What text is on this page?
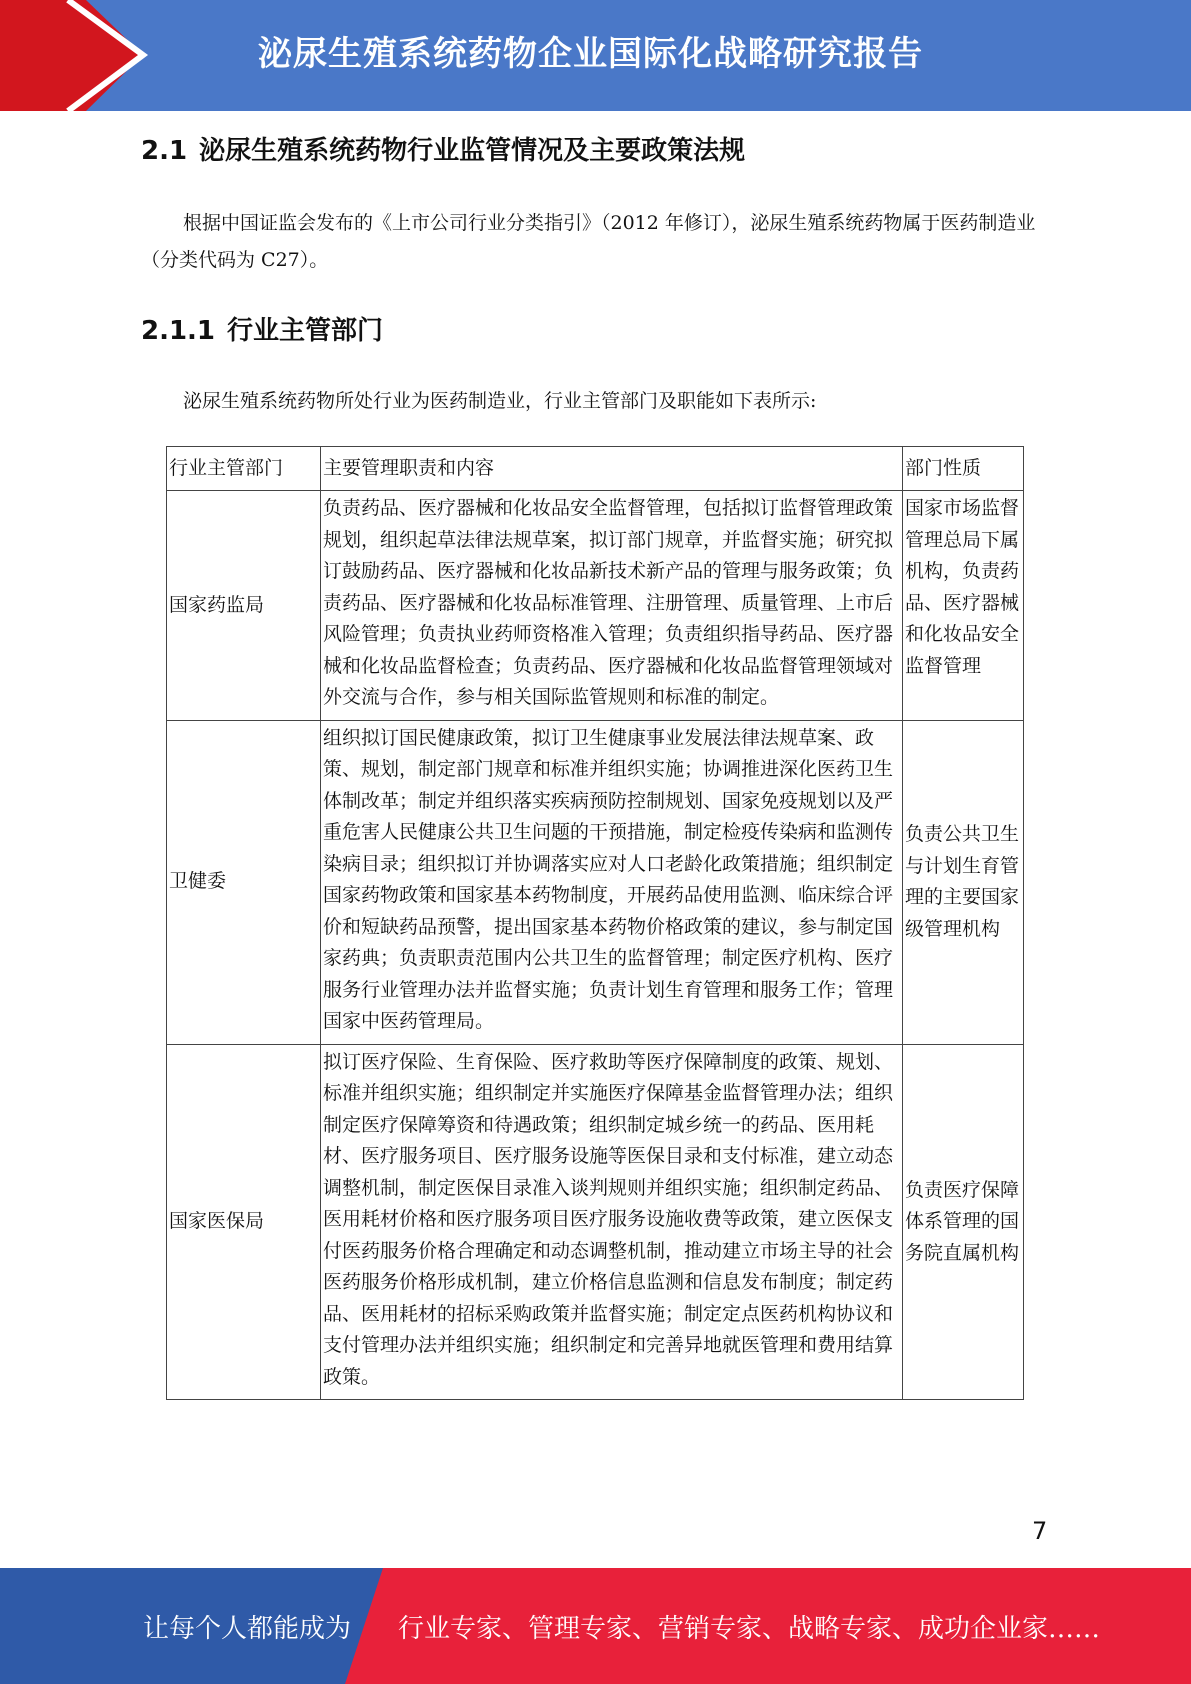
泌尿生殖系统药物企业国际化战略研究报告
2.1 泌尿生殖系统药物行业监管情况及主要政策法规
根据中国证监会发布的《上市公司行业分类指引》（2012 年修订），泌尿生殖系统药物属于医药制造业（分类代码为 C27）。
2.1.1 行业主管部门
泌尿生殖系统药物所处行业为医药制造业，行业主管部门及职能如下表所示:
行业主管部门	主要管理职责和内容	部门性质
国家药监局	负责药品、医疗器械和化妆品安全监督管理，包括拟订监督管理政策规划，组织起草法律法规草案，拟订部门规章，并监督实施；研究拟订鼓励药品、医疗器械和化妆品新技术新产品的管理与服务政策；负责药品、医疗器械和化妆品标准管理、注册管理、质量管理、上市后风险管理；负责执业药师资格准入管理；负责组织指导药品、医疗器械和化妆品监督检查；负责药品、医疗器械和化妆品监督管理领域对外交流与合作，参与相关国际监管规则和标准的制定。	国家市场监督管理总局下属机构，负责药品、医疗器械和化妆品安全监督管理
卫健委	组织拟订国民健康政策，拟订卫生健康事业发展法律法规草案、政策、规划，制定部门规章和标准并组织实施；协调推进深化医药卫生体制改革；制定并组织落实疾病预防控制规划、国家免疫规划以及严重危害人民健康公共卫生问题的干预措施，制定检疫传染病和监测传染病目录；组织拟订并协调落实应对人口老龄化政策措施；组织制定国家药物政策和国家基本药物制度，开展药品使用监测、临床综合评价和短缺药品预警，提出国家基本药物价格政策的建议，参与制定国家药典；负责职责范围内公共卫生的监督管理；制定医疗机构、医疗服务行业管理办法并监督实施；负责计划生育管理和服务工作；管理国家中医药管理局。	负责公共卫生与计划生育管理的主要国家级管理机构
国家医保局	拟订医疗保险、生育保险、医疗救助等医疗保障制度的政策、规划、标准并组织实施；组织制定并实施医疗保障基金监督管理办法；组织制定医疗保障筹资和待遇政策；组织制定城乡统一的药品、医用耗材、医疗服务项目、医疗服务设施等医保目录和支付标准，建立动态调整机制，制定医保目录准入谈判规则并组织实施；组织制定药品、医用耗材价格和医疗服务项目医疗服务设施收费等政策，建立医保支付医药服务价格合理确定和动态调整机制，推动建立市场主导的社会医药服务价格形成机制，建立价格信息监测和信息发布制度；制定药品、医用耗材的招标采购政策并监督实施；制定定点医药机构协议和支付管理办法并组织实施；组织制定和完善异地就医管理和费用结算政策。	负责医疗保障体系管理的国务院直属机构
7
让每个人都能成为 行业专家、管理专家、营销专家、战略专家、成功企业家……
